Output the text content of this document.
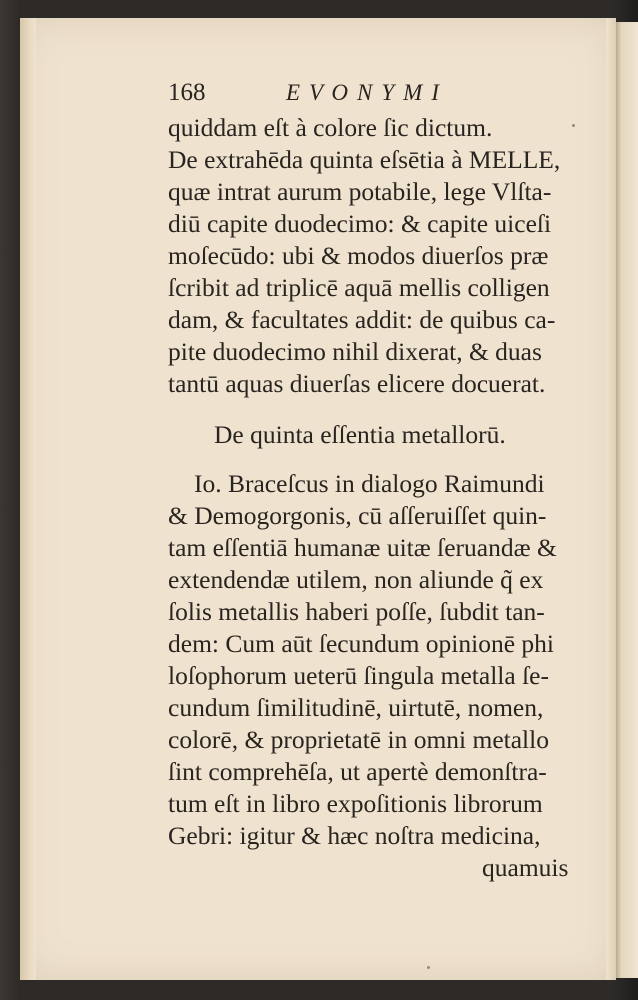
168	EVONYMI
quiddam eſt à colore ſic dictum.
De extrahēda quinta eſsētia à MELLE,
quæ intrat aurum potabile, lege Vlſta-
diū capite duodecimo: & capite uiceſi
moſecūdo: ubi & modos diuerſos præ
ſcribit ad triplicē aquā mellis colligen
dam, & facultates addit: de quibus ca-
pite duodecimo nihil dixerat, & duas
tantū aquas diuerſas elicere docuerat.
De quinta eſſentia metallorū.
Io. Braceſcus in dialogo Raimundi
& Demogorgonis, cū aſſeruiſſet quin-
tam eſſentiā humanæ uitæ ſeruandæ &
extendendæ utilem, non aliunde q̃ ex
ſolis metallis haberi poſſe, ſubdit tan-
dem: Cum aūt ſecundum opinionē phi
loſophorum ueterū ſingula metalla ſe-
cundum ſimilitudinē, uirtutē, nomen,
colorē, & proprietatē in omni metallo
ſint comprehēſa, ut apertè demonſtra-
tum eſt in libro expoſitionis librorum
Gebri: igitur & hæc noſtra medicina,
quamuis
